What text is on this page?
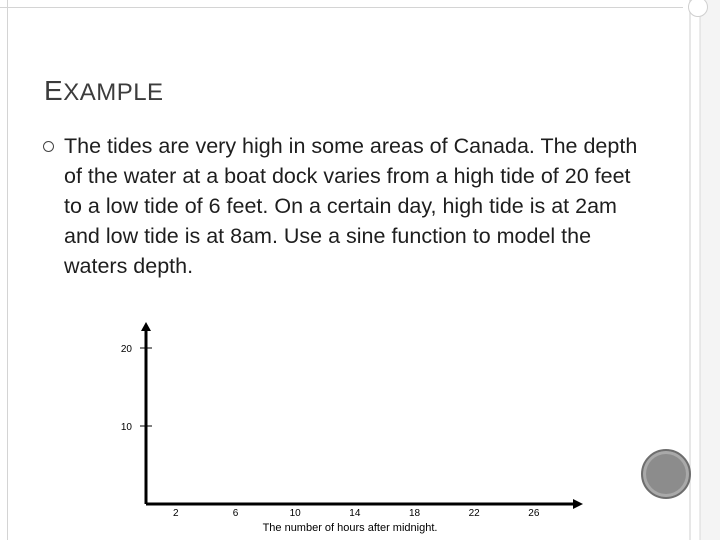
EXAMPLE
The tides are very high in some areas of Canada. The depth of the water at a boat dock varies from a high tide of 20 feet to a low tide of 6 feet. On a certain day, high tide is at 2am and low tide is at 8am. Use a sine function to model the waters depth.
10
20
2	6	10	14	18	22	26
The number of hours after midnight.
